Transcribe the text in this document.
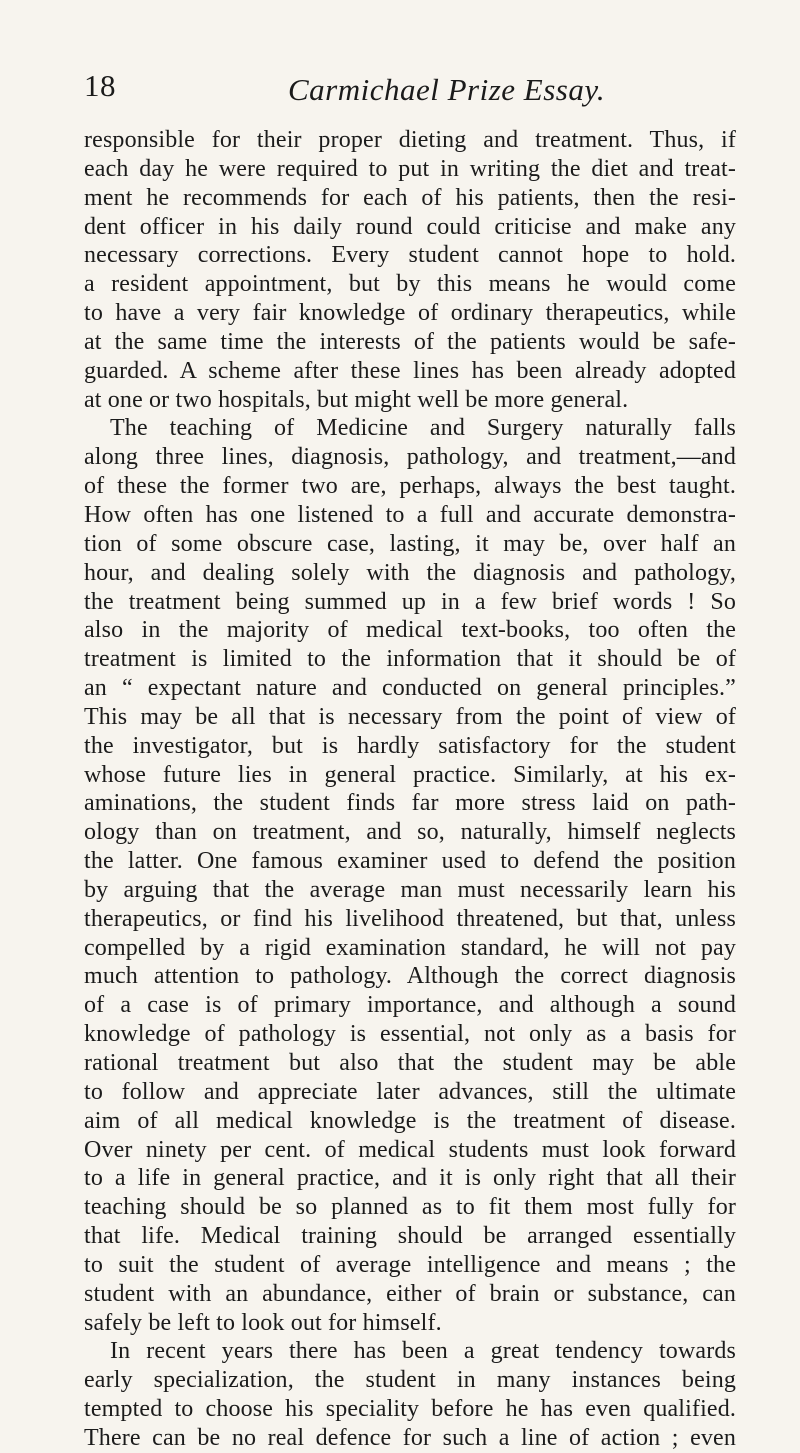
18	Carmichael Prize Essay.
responsible for their proper dieting and treatment. Thus, if
each day he were required to put in writing the diet and treat-
ment he recommends for each of his patients, then the resi-
dent officer in his daily round could criticise and make any
necessary corrections. Every student cannot hope to hold.
a resident appointment, but by this means he would come
to have a very fair knowledge of ordinary therapeutics, while
at the same time the interests of the patients would be safe-
guarded. A scheme after these lines has been already adopted
at one or two hospitals, but might well be more general.
The teaching of Medicine and Surgery naturally falls
along three lines, diagnosis, pathology, and treatment,—and
of these the former two are, perhaps, always the best taught.
How often has one listened to a full and accurate demonstra-
tion of some obscure case, lasting, it may be, over half an
hour, and dealing solely with the diagnosis and pathology,
the treatment being summed up in a few brief words ! So
also in the majority of medical text-books, too often the
treatment is limited to the information that it should be of
an “ expectant nature and conducted on general principles.”
This may be all that is necessary from the point of view of
the investigator, but is hardly satisfactory for the student
whose future lies in general practice. Similarly, at his ex-
aminations, the student finds far more stress laid on path-
ology than on treatment, and so, naturally, himself neglects
the latter. One famous examiner used to defend the position
by arguing that the average man must necessarily learn his
therapeutics, or find his livelihood threatened, but that, unless
compelled by a rigid examination standard, he will not pay
much attention to pathology. Although the correct diagnosis
of a case is of primary importance, and although a sound
knowledge of pathology is essential, not only as a basis for
rational treatment but also that the student may be able
to follow and appreciate later advances, still the ultimate
aim of all medical knowledge is the treatment of disease.
Over ninety per cent. of medical students must look forward
to a life in general practice, and it is only right that all their
teaching should be so planned as to fit them most fully for
that life. Medical training should be arranged essentially
to suit the student of average intelligence and means ; the
student with an abundance, either of brain or substance, can
safely be left to look out for himself.
In recent years there has been a great tendency towards
early specialization, the student in many instances being
tempted to choose his speciality before he has even qualified.
There can be no real defence for such a line of action ; even
